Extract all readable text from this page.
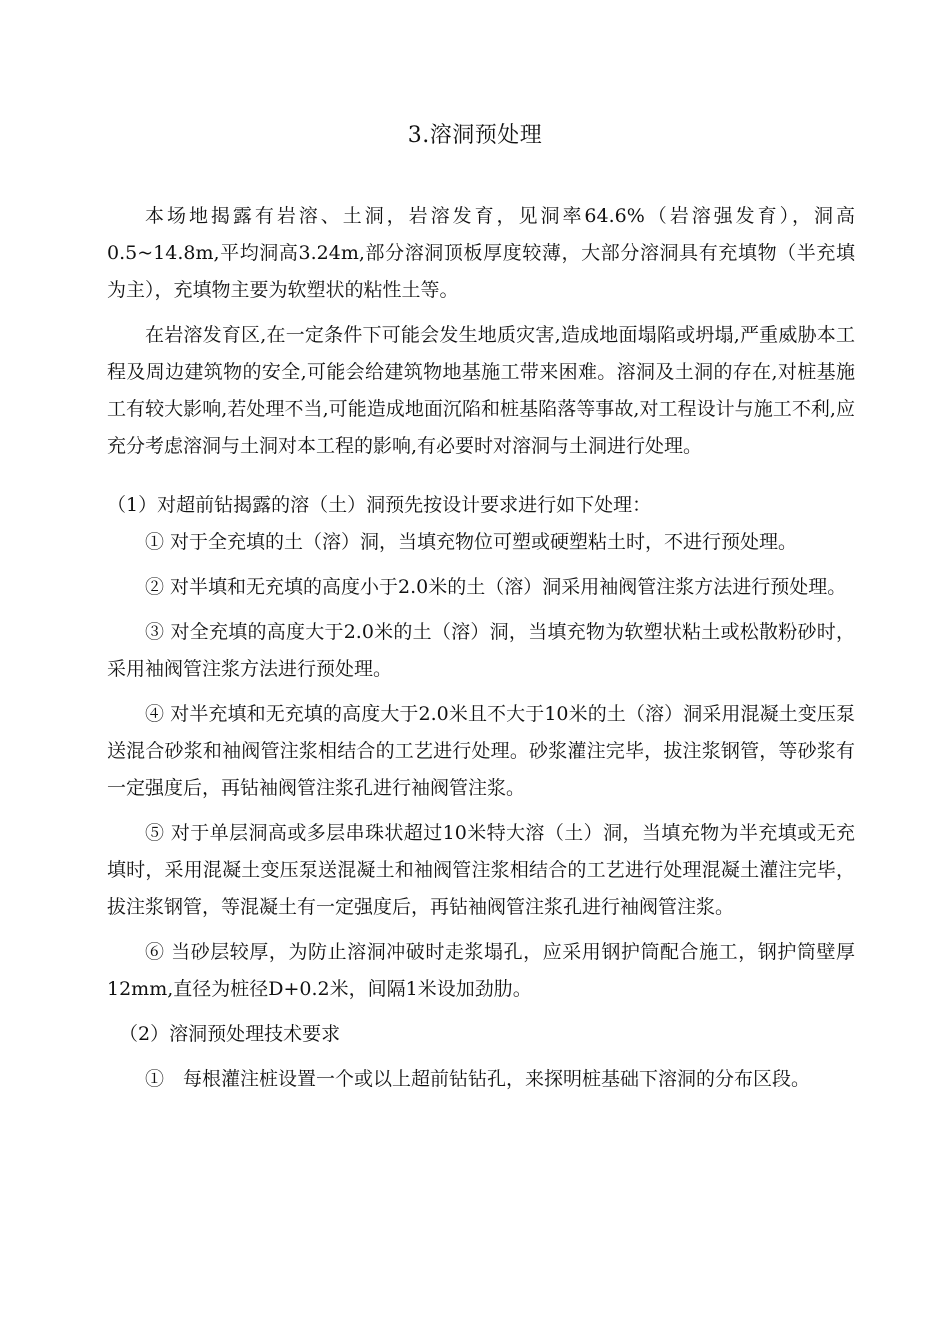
3.溶洞预处理

本场地揭露有岩溶、土洞，岩溶发育，见洞率64.6%（岩溶强发育），洞高0.5~14.8m,平均洞高3.24m,部分溶洞顶板厚度较薄，大部分溶洞具有充填物（半充填为主），充填物主要为软塑状的粘性土等。

在岩溶发育区,在一定条件下可能会发生地质灾害,造成地面塌陷或坍塌,严重威胁本工程及周边建筑物的安全,可能会给建筑物地基施工带来困难。溶洞及土洞的存在,对桩基施工有较大影响,若处理不当,可能造成地面沉陷和桩基陷落等事故,对工程设计与施工不利,应充分考虑溶洞与土洞对本工程的影响,有必要时对溶洞与土洞进行处理。

（1）对超前钻揭露的溶（土）洞预先按设计要求进行如下处理：

① 对于全充填的土（溶）洞，当填充物位可塑或硬塑粘土时，不进行预处理。

② 对半填和无充填的高度小于2.0米的土（溶）洞采用袖阀管注浆方法进行预处理。

③ 对全充填的高度大于2.0米的土（溶）洞，当填充物为软塑状粘土或松散粉砂时，采用袖阀管注浆方法进行预处理。

④ 对半充填和无充填的高度大于2.0米且不大于10米的土（溶）洞采用混凝土变压泵送混合砂浆和袖阀管注浆相结合的工艺进行处理。砂浆灌注完毕，拔注浆钢管，等砂浆有一定强度后，再钻袖阀管注浆孔进行袖阀管注浆。

⑤ 对于单层洞高或多层串珠状超过10米特大溶（土）洞，当填充物为半充填或无充填时，采用混凝土变压泵送混凝土和袖阀管注浆相结合的工艺进行处理混凝土灌注完毕，拔注浆钢管，等混凝土有一定强度后，再钻袖阀管注浆孔进行袖阀管注浆。

⑥ 当砂层较厚，为防止溶洞冲破时走浆塌孔，应采用钢护筒配合施工，钢护筒壁厚12mm,直径为桩径D+0.2米，间隔1米设加劲肋。

（2）溶洞预处理技术要求

①　每根灌注桩设置一个或以上超前钻钻孔，来探明桩基础下溶洞的分布区段。
